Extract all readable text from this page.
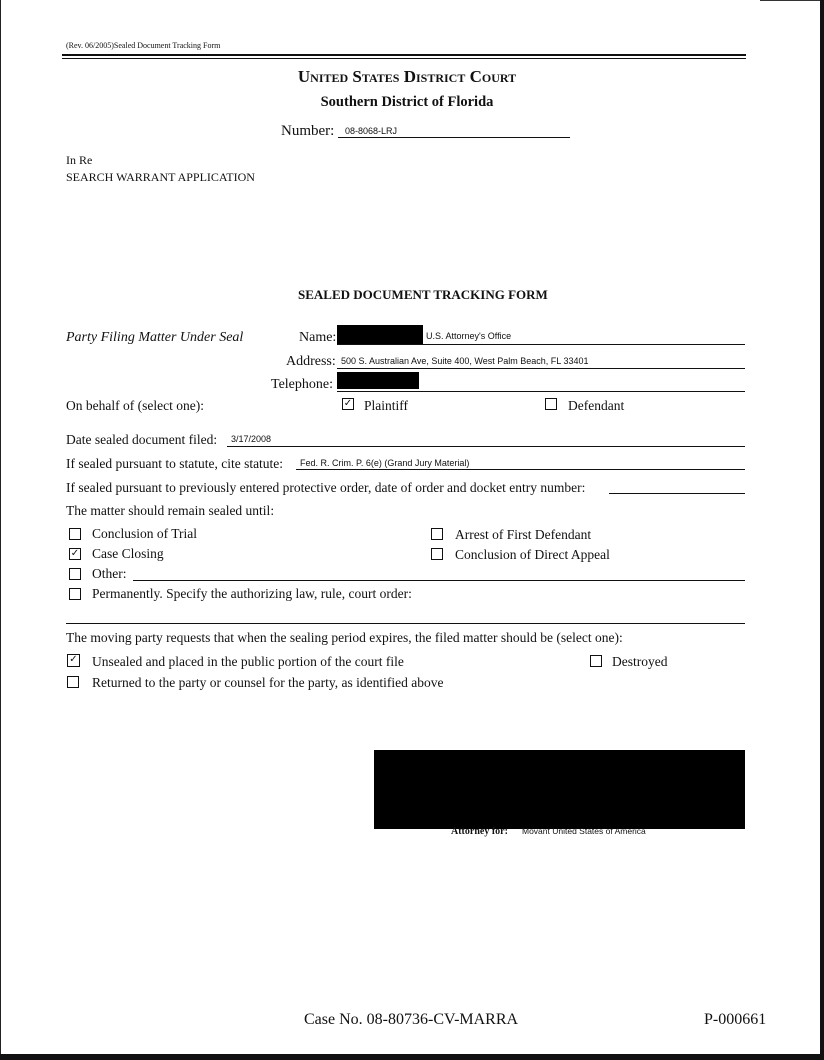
(Rev. 06/2005)Sealed Document Tracking Form
United States District Court
Southern District of Florida
Number: 08-8068-LRJ
In Re
SEARCH WARRANT APPLICATION
SEALED DOCUMENT TRACKING FORM
Party Filing Matter Under Seal	Name:	U.S. Attorney's Office
Address: 500 S. Australian Ave, Suite 400, West Palm Beach, FL 33401
Telephone:
On behalf of (select one):	✓ Plaintiff	Defendant
Date sealed document filed: 3/17/2008
If sealed pursuant to statute, cite statute: Fed. R. Crim. P. 6(e) (Grand Jury Material)
If sealed pursuant to previously entered protective order, date of order and docket entry number:
The matter should remain sealed until:
Conclusion of Trial
✓ Case Closing
Other:
Permanently. Specify the authorizing law, rule, court order:
Arrest of First Defendant
Conclusion of Direct Appeal
The moving party requests that when the sealing period expires, the filed matter should be (select one):
✓ Unsealed and placed in the public portion of the court file	Destroyed
Returned to the party or counsel for the party, as identified above
Attorney for: Movant United States of America
Case No. 08-80736-CV-MARRA	P-000661
